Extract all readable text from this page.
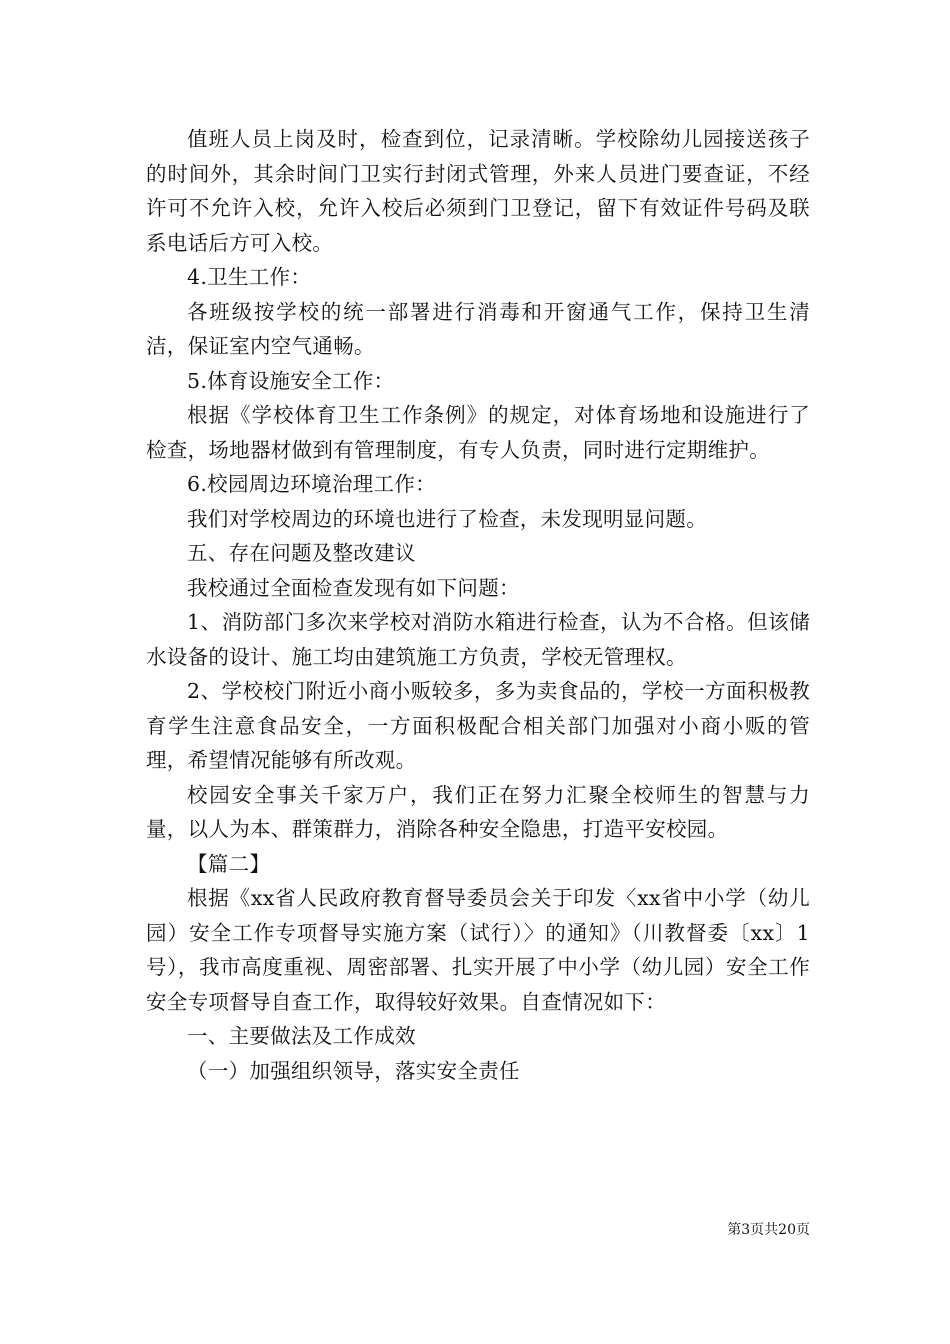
值班人员上岗及时，检查到位，记录清晰。学校除幼儿园接送孩子的时间外，其余时间门卫实行封闭式管理，外来人员进门要查证，不经许可不允许入校，允许入校后必须到门卫登记，留下有效证件号码及联系电话后方可入校。

4.卫生工作：

各班级按学校的统一部署进行消毒和开窗通气工作，保持卫生清洁，保证室内空气通畅。

5.体育设施安全工作：

根据《学校体育卫生工作条例》的规定，对体育场地和设施进行了检查，场地器材做到有管理制度，有专人负责，同时进行定期维护。

6.校园周边环境治理工作：

我们对学校周边的环境也进行了检查，未发现明显问题。

五、存在问题及整改建议

我校通过全面检查发现有如下问题：

1、消防部门多次来学校对消防水箱进行检查，认为不合格。但该储水设备的设计、施工均由建筑施工方负责，学校无管理权。

2、学校校门附近小商小贩较多，多为卖食品的，学校一方面积极教育学生注意食品安全，一方面积极配合相关部门加强对小商小贩的管理，希望情况能够有所改观。

校园安全事关千家万户，我们正在努力汇聚全校师生的智慧与力量，以人为本、群策群力，消除各种安全隐患，打造平安校园。

【篇二】

根据《xx省人民政府教育督导委员会关于印发〈xx省中小学（幼儿园）安全工作专项督导实施方案（试行）〉的通知》（川教督委〔xx〕1号），我市高度重视、周密部署、扎实开展了中小学（幼儿园）安全工作安全专项督导自查工作，取得较好效果。自查情况如下：

一、主要做法及工作成效

（一）加强组织领导，落实安全责任

第3页共20页
